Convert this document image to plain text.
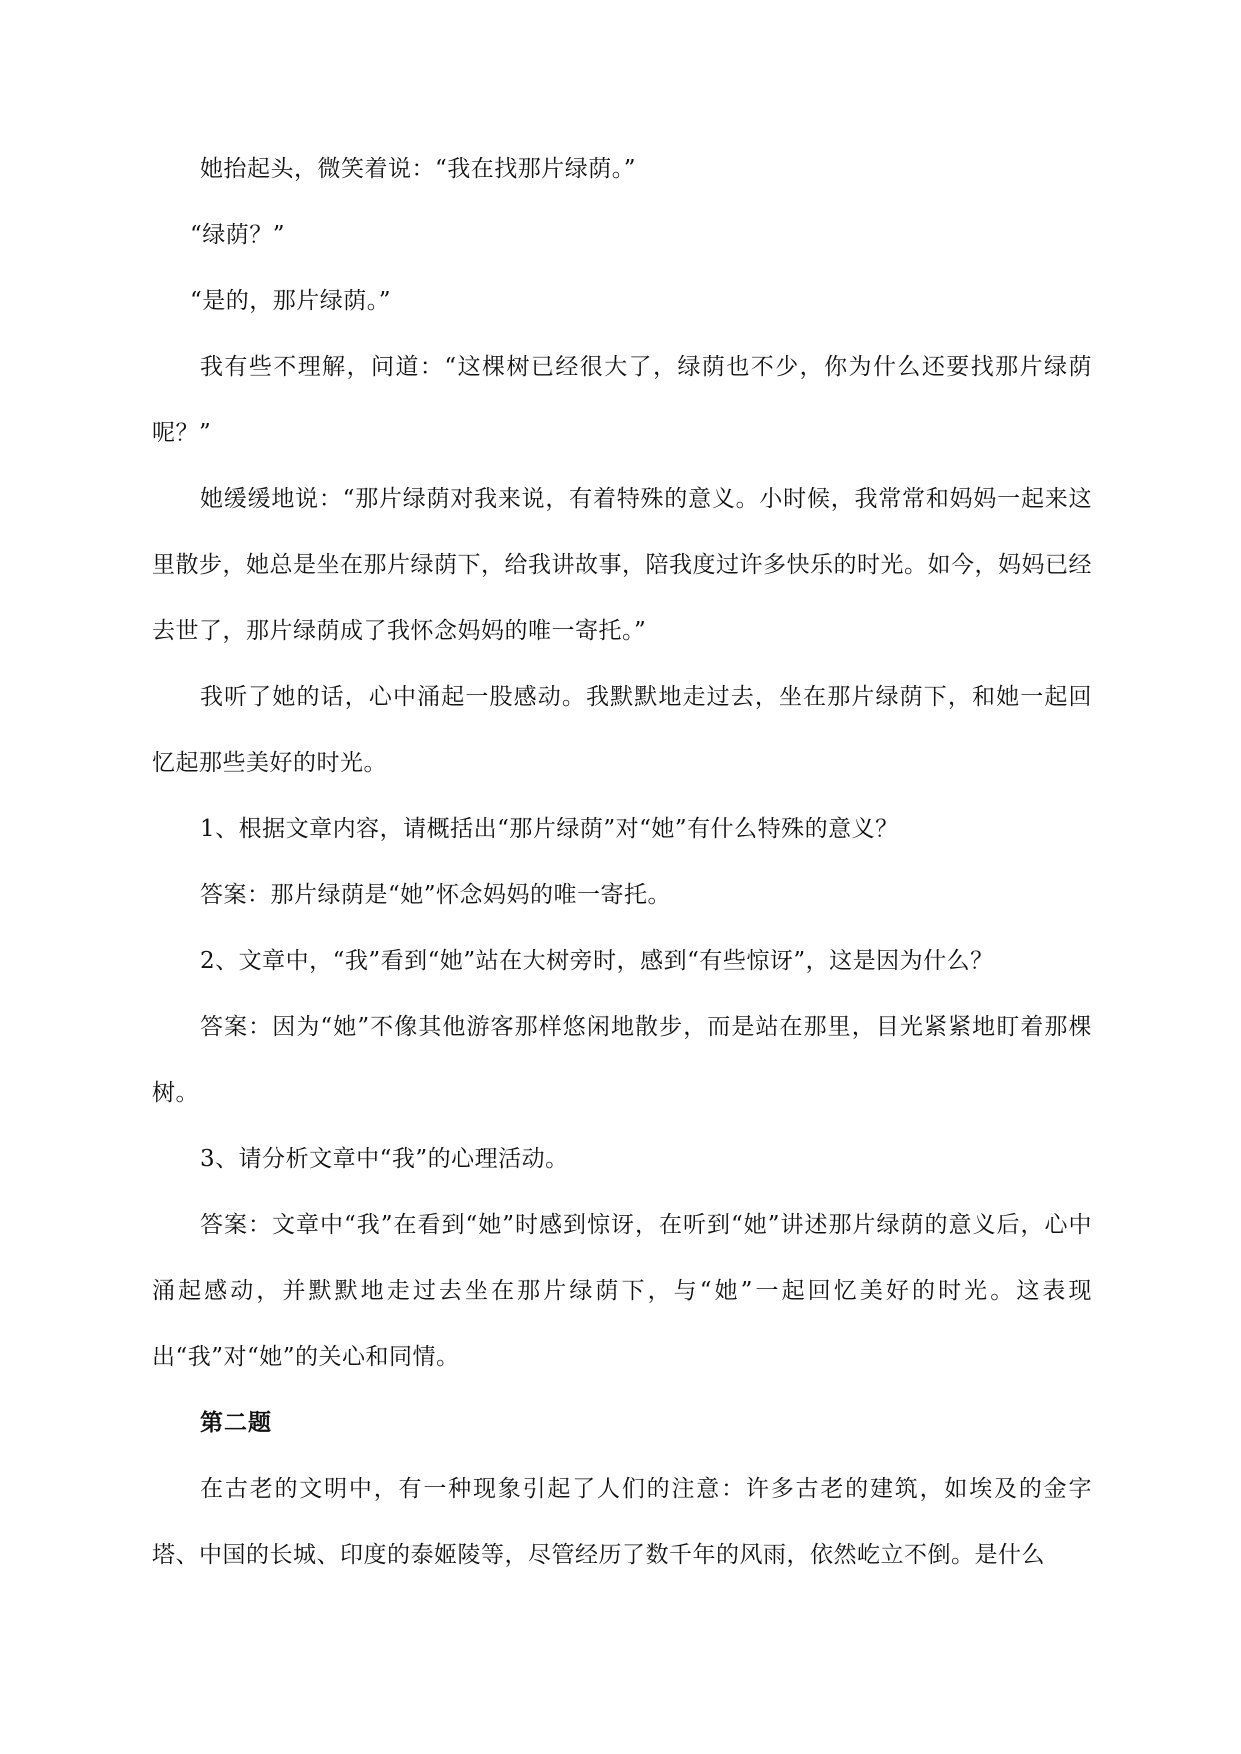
她抬起头，微笑着说：“我在找那片绿荫。”

“绿荫？”

“是的，那片绿荫。”

我有些不理解，问道：“这棵树已经很大了，绿荫也不少，你为什么还要找那片绿荫呢？”

她缓缓地说：“那片绿荫对我来说，有着特殊的意义。小时候，我常常和妈妈一起来这里散步，她总是坐在那片绿荫下，给我讲故事，陪我度过许多快乐的时光。如今，妈妈已经去世了，那片绿荫成了我怀念妈妈的唯一寄托。”

我听了她的话，心中涌起一股感动。我默默地走过去，坐在那片绿荫下，和她一起回忆起那些美好的时光。

1、根据文章内容，请概括出“那片绿荫”对“她”有什么特殊的意义？

答案：那片绿荫是“她”怀念妈妈的唯一寄托。

2、文章中，“我”看到“她”站在大树旁时，感到“有些惊讶”，这是因为什么？

答案：因为“她”不像其他游客那样悠闲地散步，而是站在那里，目光紧紧地盯着那棵树。

3、请分析文章中“我”的心理活动。

答案：文章中“我”在看到“她”时感到惊讶，在听到“她”讲述那片绿荫的意义后，心中涌起感动，并默默地走过去坐在那片绿荫下，与“她”一起回忆美好的时光。这表现出“我”对“她”的关心和同情。

第二题

在古老的文明中，有一种现象引起了人们的注意：许多古老的建筑，如埃及的金字塔、中国的长城、印度的泰姬陵等，尽管经历了数千年的风雨，依然屹立不倒。是什么
